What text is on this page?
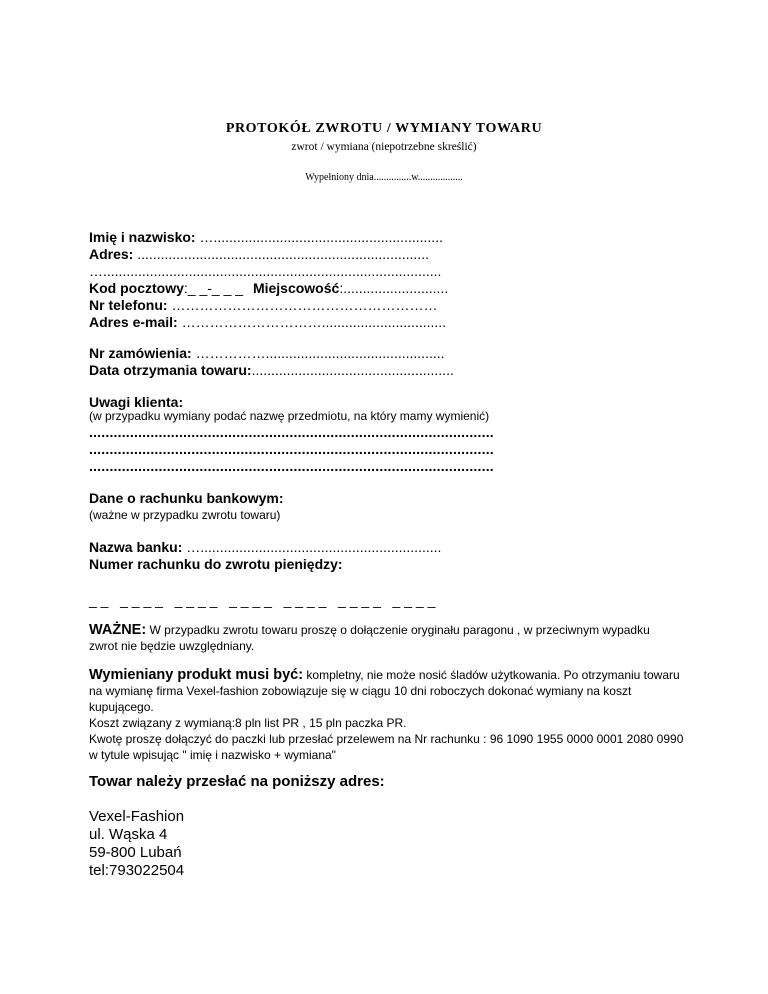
PROTOKÓŁ ZWROTU / WYMIANY TOWARU
zwrot / wymiana (niepotrzebne skreślić)
Wypełniony dnia...............w..................
Imię i nazwisko: …...........................................................
Adres: ...........................................................................
….......................................................................................
Kod pocztowy:_ _-_ _ _ Miejscowość:...........................
Nr telefonu: …………………………………………………
Adres e-mail: …………………………................................
Nr zamówienia: ……………..............................................
Data otrzymania towaru:....................................................
Uwagi klienta:
(w przypadku wymiany podać nazwę przedmiotu, na który mamy wymienić)
...................................................................................................
...................................................................................................
...................................................................................................
Dane o rachunku bankowym:
(ważne w przypadku zwrotu towaru)
Nazwa banku: …..............................................................
Numer rachunku do zwrotu pieniędzy:
_ _   _ _ _ _   _ _ _ _   _ _ _ _   _ _ _ _   _ _ _ _   _ _ _ _
WAŻNE: W przypadku zwrotu towaru proszę o dołączenie oryginału paragonu , w przeciwnym wypadku zwrot nie będzie uwzględniany.
Wymieniany produkt musi być: kompletny, nie może nosić śladów użytkowania. Po otrzymaniu towaru na wymianę firma Vexel-fashion zobowiązuje się w ciągu 10 dni roboczych dokonać wymiany na koszt kupującego.
Koszt związany z wymianą:8 pln list PR , 15 pln paczka PR.
Kwotę proszę dołączyć do paczki lub przesłać przelewem na Nr rachunku : 96 1090 1955 0000 0001 2080 0990 w tytule wpisując " imię i nazwisko + wymiana"
Towar należy przesłać na poniższy adres:
Vexel-Fashion
ul. Wąska 4
59-800 Lubań
tel:793022504
